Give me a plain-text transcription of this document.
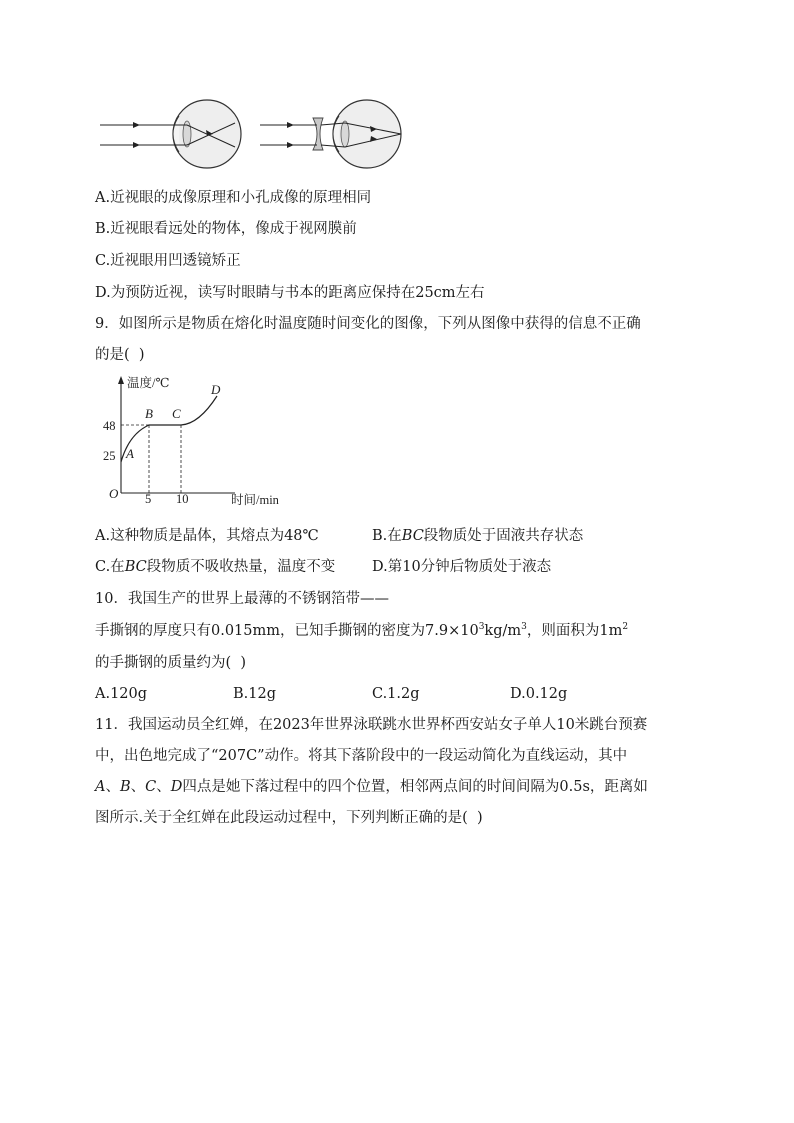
A.近视眼的成像原理和小孔成像的原理相同
B.近视眼看远处的物体，像成于视网膜前
C.近视眼用凹透镜矫正
D.为预防近视，读写时眼睛与书本的距离应保持在25cm左右
9．如图所示是物质在熔化时温度随时间变化的图像，下列从图像中获得的信息不正确
的是(  )
温度/℃
时间/min
O
48
25
5 10
A
B C
D
A.这种物质是晶体，其熔点为48℃	B.在BC段物质处于固液共存状态
C.在BC段物质不吸收热量，温度不变	D.第10分钟后物质处于液态
10．我国生产的世界上最薄的不锈钢箔带——
手撕钢的厚度只有0.015mm，已知手撕钢的密度为$7.9\times 10^3kg/m^3$，则面积为$1m^2$
的手撕钢的质量约为(  )
A.120g	B.12g	C.1.2g	D.0.12g
11．我国运动员全红婵，在2023年世界泳联跳水世界杯西安站女子单人10米跳台预赛
中，出色地完成了“207C”动作。将其下落阶段中的一段运动简化为直线运动，其中
A、B、C、D四点是她下落过程中的四个位置，相邻两点间的时间间隔为0.5s，距离如
图所示.关于全红婵在此段运动过程中，下列判断正确的是(  )
